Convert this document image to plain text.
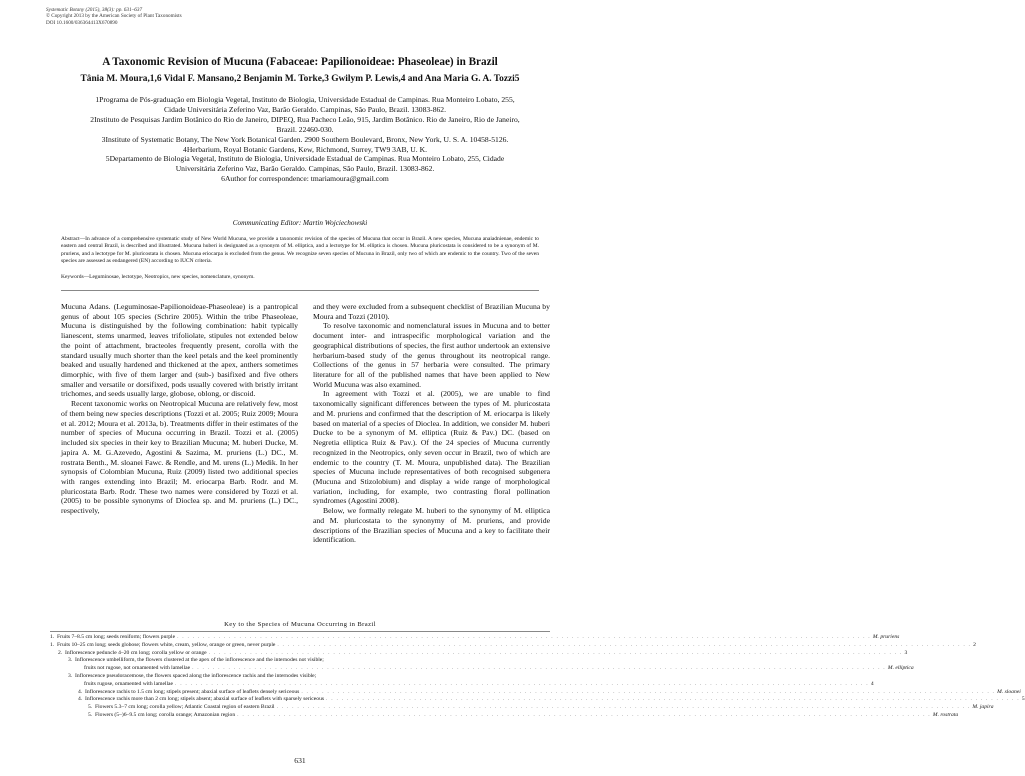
Systematic Botany (2015), 38(3): pp. 631–637
© Copyright 2013 by the American Society of Plant Taxonomists
DOI 10.1600/036364413X670890
A Taxonomic Revision of Mucuna (Fabaceae: Papilionoideae: Phaseoleae) in Brazil
Tânia M. Moura,1,6 Vidal F. Mansano,2 Benjamin M. Torke,3 Gwilym P. Lewis,4 and Ana Maria G. A. Tozzi5

1Programa de Pós-graduação em Biologia Vegetal, Instituto de Biologia, Universidade Estadual de Campinas. Rua Monteiro Lobato, 255, Cidade Universitária Zeferino Vaz, Barão Geraldo. Campinas, São Paulo, Brazil. 13083-862.

2Instituto de Pesquisas Jardim Botânico do Rio de Janeiro, DIPEQ, Rua Pacheco Leão, 915, Jardim Botânico. Rio de Janeiro, Rio de Janeiro, Brazil. 22460-030.

3Institute of Systematic Botany, The New York Botanical Garden. 2900 Southern Boulevard, Bronx, New York, U. S. A. 10458-5126.

4Herbarium, Royal Botanic Gardens, Kew, Richmond, Surrey, TW9 3AB, U. K.

5Departamento de Biologia Vegetal, Instituto de Biologia, Universidade Estadual de Campinas. Rua Monteiro Lobato, 255, Cidade Universitária Zeferino Vaz, Barão Geraldo. Campinas, São Paulo, Brazil. 13083-862.

6Author for correspondence: tmariamoura@gmail.com

Communicating Editor: Martin Wojciechowski

Abstract—In advance of a comprehensive systematic study of New World Mucuna, we provide a taxonomic revision of the species of Mucuna that occur in Brazil. A new species, Mucuna anaiadnienae, endemic to eastern and central Brazil, is described and illustrated. Mucuna huberi is designated as a synonym of M. elliptica, and a lectotype for M. elliptica is chosen. Mucuna pluricostata is considered to be a synonym of M. pruriens, and a lectotype for M. pluricostata is chosen. Mucuna eriocarpa is excluded from the genus. We recognize seven species of Mucuna in Brazil, only two of which are endemic to the country. Two of the seven species are assessed as endangered (EN) according to IUCN criteria.

Keywords—Leguminosae, lectotype, Neotropics, new species, nomenclature, synonym.

Mucuna Adans. (Leguminosae-Papilionoideae-Phaseoleae) is a pantropical genus of about 105 species (Schrire 2005). Within the tribe Phaseoleae, Mucuna is distinguished by the following combination: habit typically lianescent, stems unarmed, leaves trifoliolate, stipules not extended below the point of attachment, bracteoles frequently present, corolla with the standard usually much shorter than the keel petals and the keel prominently beaked and usually hardened and thickened at the apex, anthers sometimes dimorphic, with five of them larger and (sub-) basifixed and five others smaller and versatile or dorsifixed, pods usually covered with bristly irritant trichomes, and seeds usually large, globose, oblong, or discoid.

Recent taxonomic works on Neotropical Mucuna are relatively few, most of them being new species descriptions (Tozzi et al. 2005; Ruiz 2009; Moura et al. 2012; Moura et al. 2013a, b). Treatments differ in their estimates of the number of species of Mucuna occurring in Brazil. Tozzi et al. (2005) included six species in their key to Brazilian Mucuna; M. huberi Ducke, M. japira A. M. G.Azevedo, Agostini & Sazima, M. pruriens (L.) DC., M. rostrata Benth., M. sloanei Fawc. & Rendle, and M. urens (L.) Medik. In her synopsis of Colombian Mucuna, Ruiz (2009) listed two additional species with ranges extending into Brazil; M. eriocarpa Barb. Rodr. and M. pluricostata Barb. Rodr. These two names were considered by Tozzi et al. (2005) to be possible synonyms of Dioclea sp. and M. pruriens (L.) DC., respectively,

and they were excluded from a subsequent checklist of Brazilian Mucuna by Moura and Tozzi (2010).

To resolve taxonomic and nomenclatural issues in Mucuna and to better document inter- and intraspecific morphological variation and the geographical distributions of species, the first author undertook an extensive herbarium-based study of the genus throughout its neotropical range. Collections of the genus in 57 herbaria were consulted. The primary literature for all of the published names that have been applied to New World Mucuna was also examined.

In agreement with Tozzi et al. (2005), we are unable to find taxonomically significant differences between the types of M. pluricostata and M. pruriens and confirmed that the description of M. eriocarpa is likely based on material of a species of Dioclea. In addition, we consider M. huberi Ducke to be a synonym of M. elliptica (Ruiz & Pav.) DC. (based on Negretia elliptica Ruiz & Pav.). Of the 24 species of Mucuna currently recognized in the Neotropics, only seven occur in Brazil, two of which are endemic to the country (T. M. Moura, unpublished data). The Brazilian species of Mucuna include representatives of both recognised subgenera (Mucuna and Stizolobium) and display a wide range of morphological variation, including, for example, two contrasting floral pollination syndromes (Agostini 2008).

Below, we formally relegate M. huberi to the synonymy of M. elliptica and M. pluricostata to the synonymy of M. pruriens, and provide descriptions of the Brazilian species of Mucuna and a key to facilitate their identification.

Key to the Species of Mucuna Occurring in Brazil
1.
Fruits 7–8.5 cm long; seeds reniform; flowers purple . . .	M. pruriens
1.
Fruits 10–25 cm long; seeds globose; flowers white, cream, yellow, orange or green, never purple . . .	2
2.
Inflorescence peduncle 4–20 cm long; corolla yellow or orange . . .	3
3.
Inflorescence umbelliform, the flowers clustered at the apex of the inflorescence and the internodes not visible;
fruits not rugose, not ornamented with lamellae . . .	M. elliptica
3.
Inflorescence pseudoracemose, the flowers spaced along the inflorescence rachis and the internodes visible;
fruits rugose, ornamented with lamellae . . .	4
4.
Inflorescence rachis to 1.5 cm long; stipels present; abaxial surface of leaflets densely sericeous . . .	M. sloanei
4.
Inflorescence rachis more than 2 cm long; stipels absent; abaxial surface of leaflets with sparsely sericeous . . .	5
5.
Flowers 5.3–7 cm long; corolla yellow; Atlantic Coastal region of eastern Brazil . . .	M. japira
5.
Flowers (5–)6–9.5 cm long; corolla orange; Amazonian region . . .	M. rostrata
631
